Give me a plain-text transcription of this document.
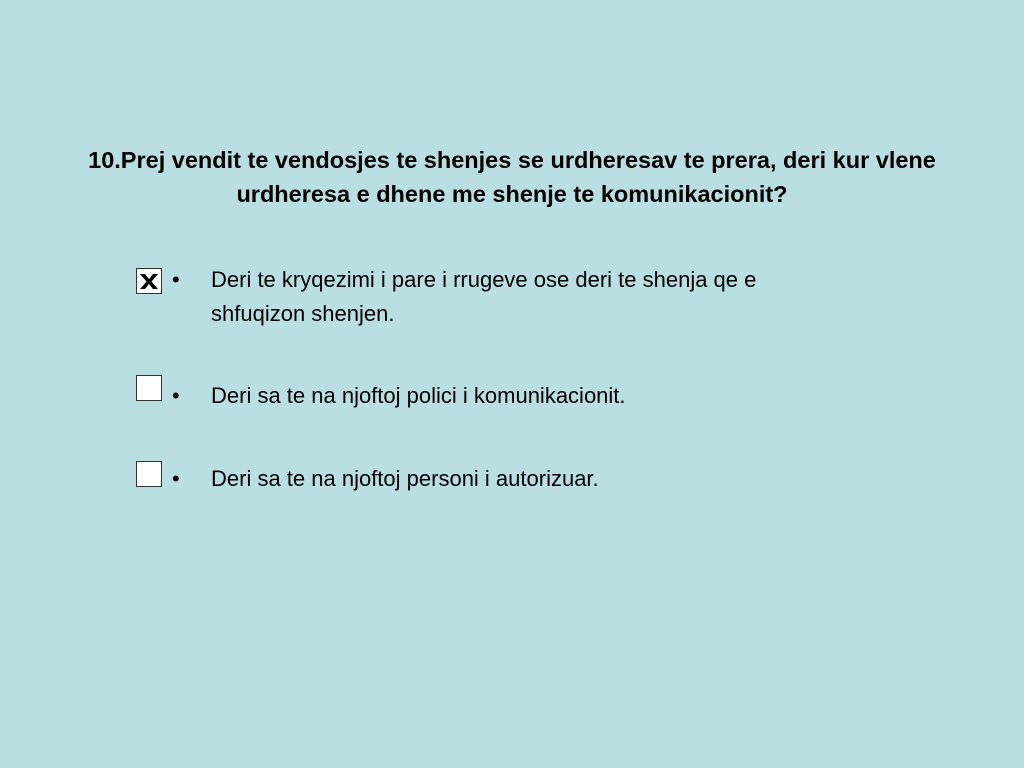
10.Prej vendit te vendosjes te shenjes se urdheresav te prera, deri kur vlene urdheresa e dhene me shenje te komunikacionit?
• Deri te kryqezimi i pare i rrugeve ose deri te shenja qe e shfuqizon shenjen.
• Deri sa te na njoftoj polici i komunikacionit.
• Deri sa te na njoftoj personi i autorizuar.
